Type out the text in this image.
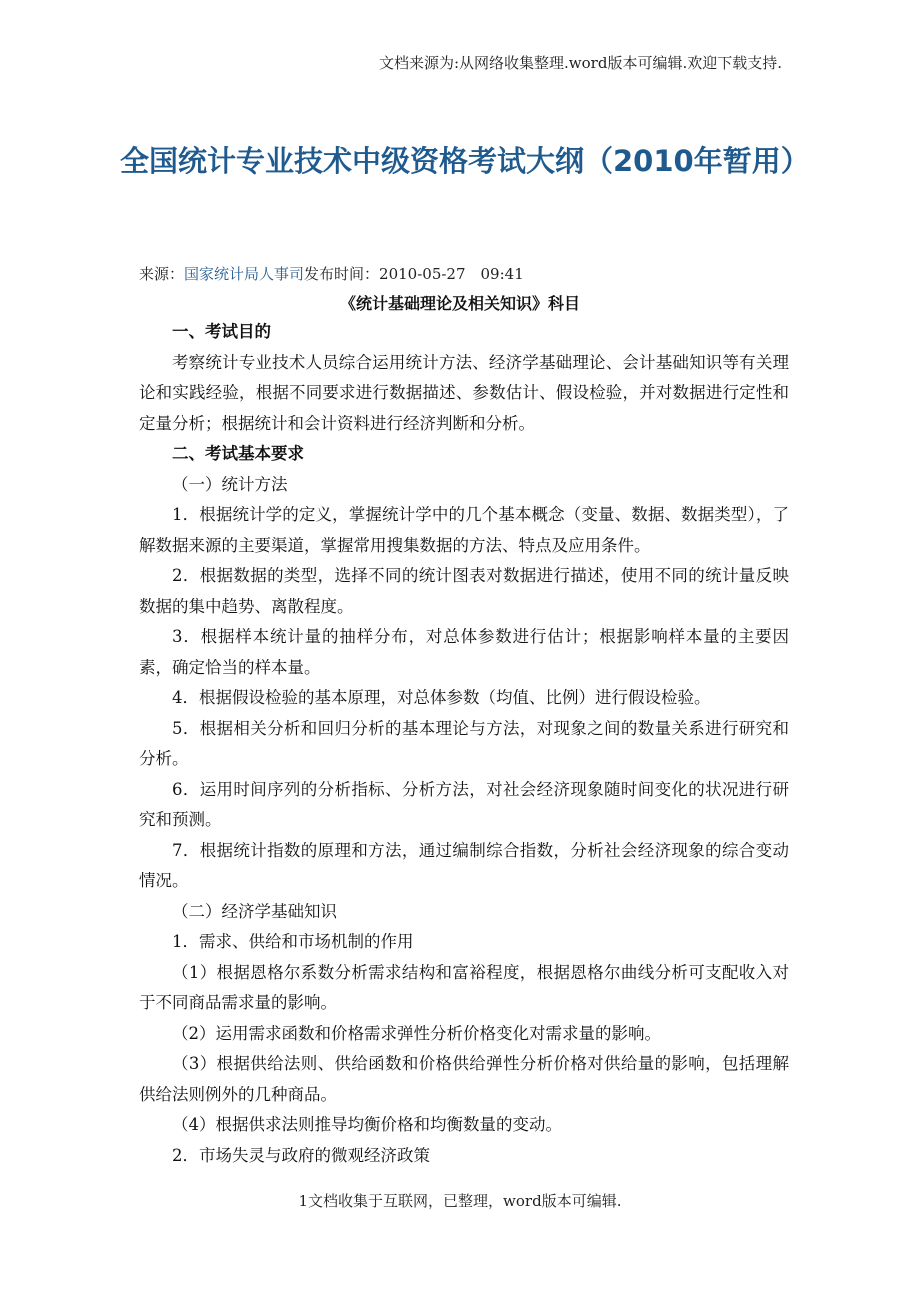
文档来源为:从网络收集整理.word版本可编辑.欢迎下载支持.
全国统计专业技术中级资格考试大纲（2010年暂用）
来源：国家统计局人事司发布时间：2010-05-27　09:41
《统计基础理论及相关知识》科目

一、考试目的

考察统计专业技术人员综合运用统计方法、经济学基础理论、会计基础知识等有关理论和实践经验，根据不同要求进行数据描述、参数估计、假设检验，并对数据进行定性和定量分析；根据统计和会计资料进行经济判断和分析。

二、考试基本要求

（一）统计方法

1．根据统计学的定义，掌握统计学中的几个基本概念（变量、数据、数据类型），了解数据来源的主要渠道，掌握常用搜集数据的方法、特点及应用条件。

2．根据数据的类型，选择不同的统计图表对数据进行描述，使用不同的统计量反映数据的集中趋势、离散程度。

3．根据样本统计量的抽样分布，对总体参数进行估计；根据影响样本量的主要因素，确定恰当的样本量。

4．根据假设检验的基本原理，对总体参数（均值、比例）进行假设检验。

5．根据相关分析和回归分析的基本理论与方法，对现象之间的数量关系进行研究和分析。

6．运用时间序列的分析指标、分析方法，对社会经济现象随时间变化的状况进行研究和预测。

7．根据统计指数的原理和方法，通过编制综合指数，分析社会经济现象的综合变动情况。

（二）经济学基础知识

1．需求、供给和市场机制的作用

（1）根据恩格尔系数分析需求结构和富裕程度，根据恩格尔曲线分析可支配收入对于不同商品需求量的影响。

（2）运用需求函数和价格需求弹性分析价格变化对需求量的影响。

（3）根据供给法则、供给函数和价格供给弹性分析价格对供给量的影响，包括理解供给法则例外的几种商品。

（4）根据供求法则推导均衡价格和均衡数量的变动。

2．市场失灵与政府的微观经济政策

1文档收集于互联网，已整理，word版本可编辑.
